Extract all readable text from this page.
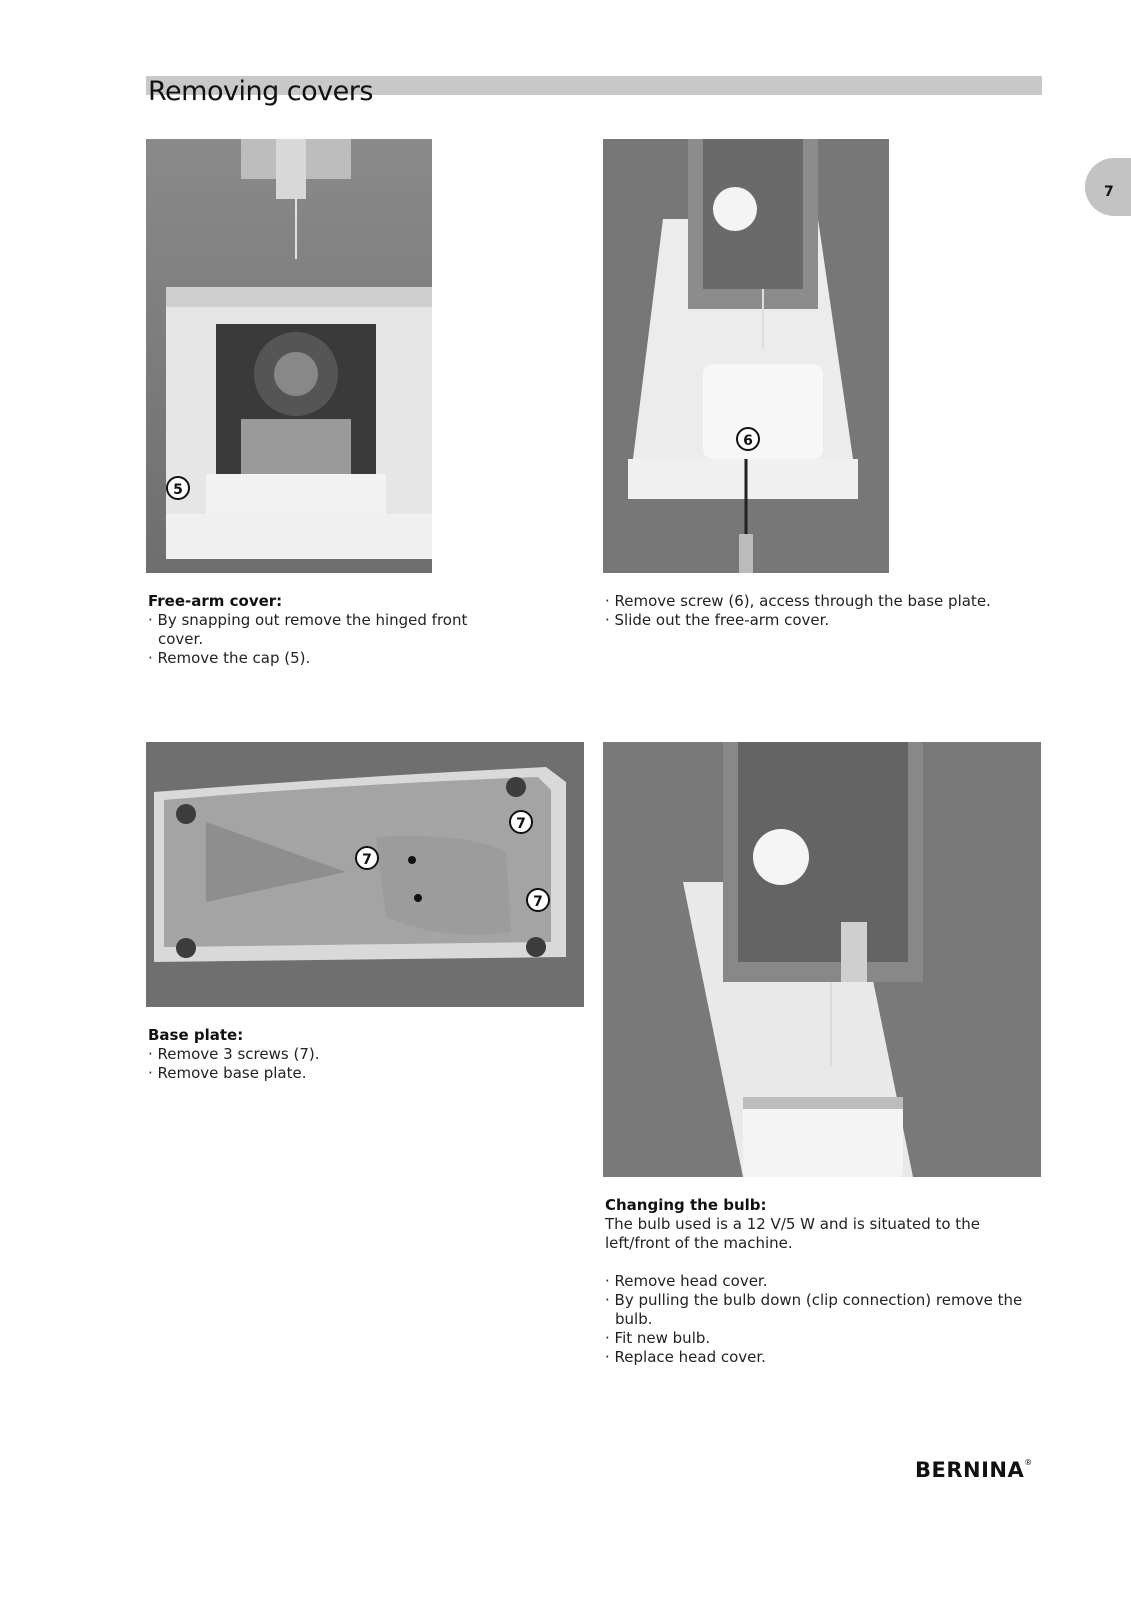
Removing covers
7
5
6
7
7
7
Free-arm cover:
· By snapping out remove the hinged front
cover.
· Remove the cap (5).
· Remove screw (6), access through the base plate.
· Slide out the free-arm cover.
Base plate:
· Remove 3 screws (7).
· Remove base plate.
Changing the bulb:
The bulb used is a 12 V/5 W and is situated to the
left/front of the machine.
· Remove head cover.
· By pulling the bulb down (clip connection) remove the
bulb.
· Fit new bulb.
· Replace head cover.
BERNINA®
